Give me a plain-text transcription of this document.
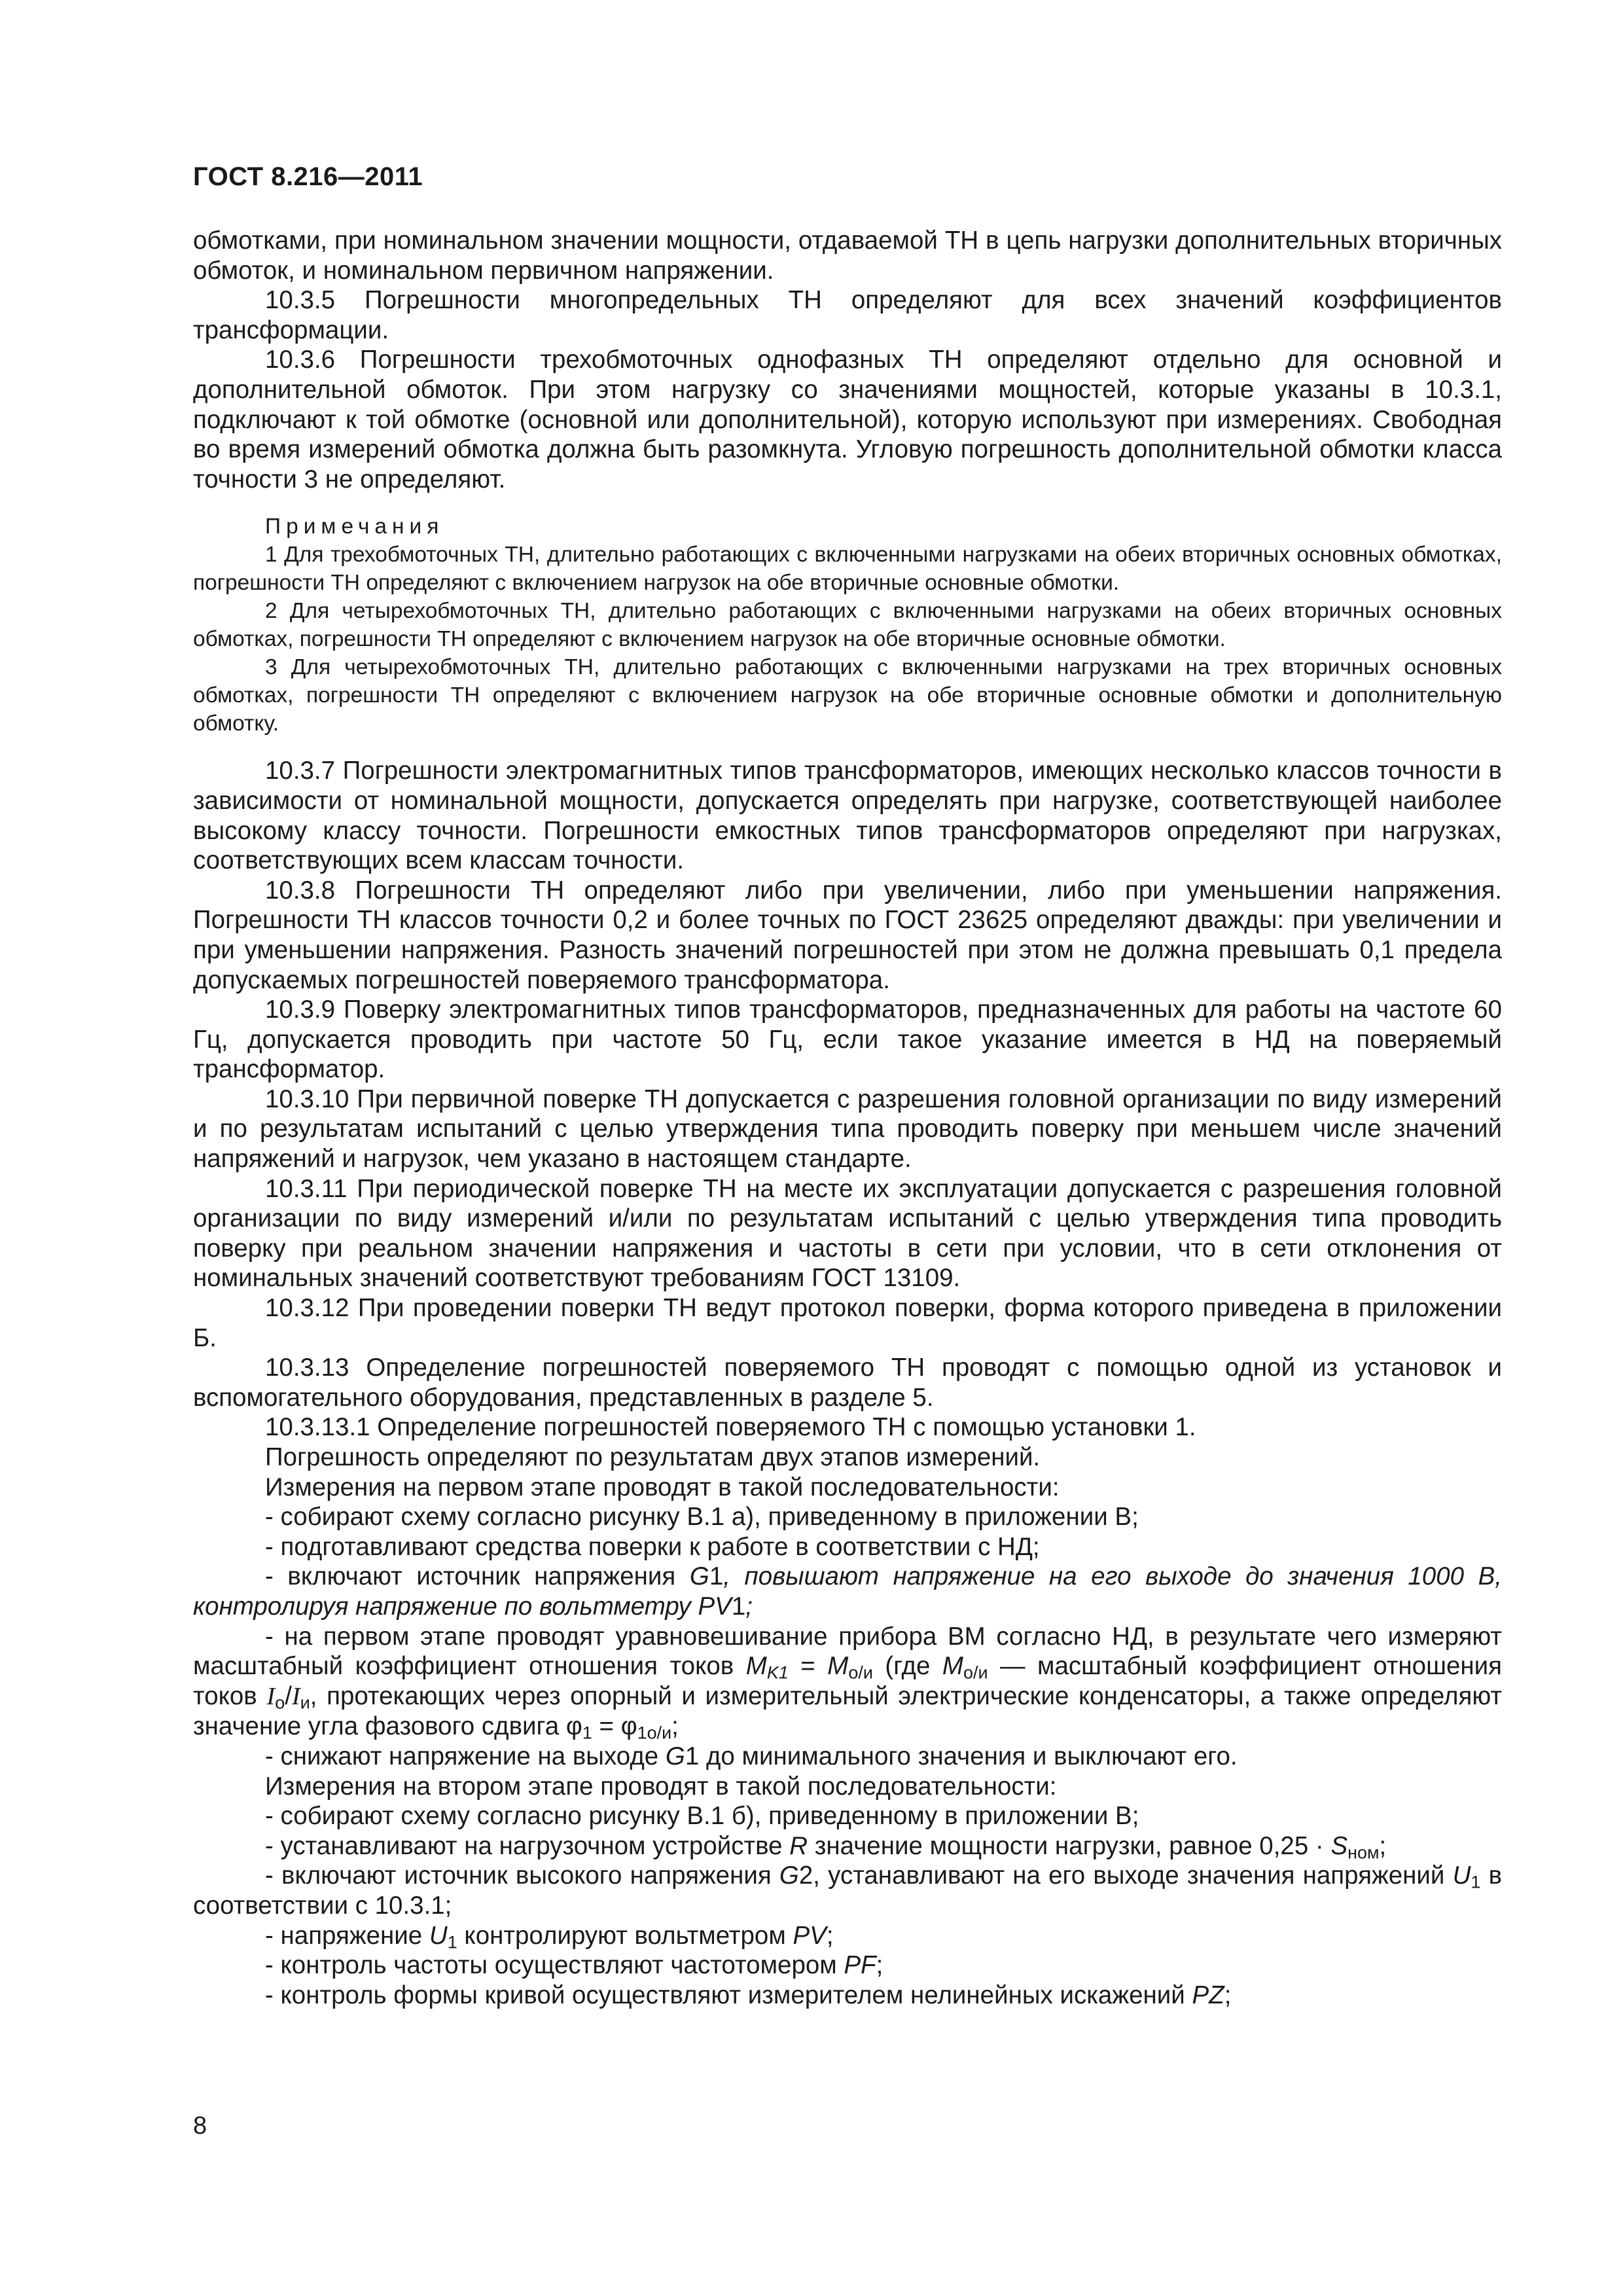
ГОСТ 8.216—2011

обмотками, при номинальном значении мощности, отдаваемой ТН в цепь нагрузки дополнительных вторичных обмоток, и номинальном первичном напряжении.

10.3.5 Погрешности многопредельных ТН определяют для всех значений коэффициентов трансформации.

10.3.6 Погрешности трехобмоточных однофазных ТН определяют отдельно для основной и дополнительной обмоток. При этом нагрузку со значениями мощностей, которые указаны в 10.3.1, подключают к той обмотке (основной или дополнительной), которую используют при измерениях. Свободная во время измерений обмотка должна быть разомкнута. Угловую погрешность дополнительной обмотки класса точности 3 не определяют.

Примечания

1 Для трехобмоточных ТН, длительно работающих с включенными нагрузками на обеих вторичных основных обмотках, погрешности ТН определяют с включением нагрузок на обе вторичные основные обмотки.

2 Для четырехобмоточных ТН, длительно работающих с включенными нагрузками на обеих вторичных основных обмотках, погрешности ТН определяют с включением нагрузок на обе вторичные основные обмотки.

3 Для четырехобмоточных ТН, длительно работающих с включенными нагрузками на трех вторичных основных обмотках, погрешности ТН определяют с включением нагрузок на обе вторичные основные обмотки и дополнительную обмотку.

10.3.7 Погрешности электромагнитных типов трансформаторов, имеющих несколько классов точности в зависимости от номинальной мощности, допускается определять при нагрузке, соответствующей наиболее высокому классу точности. Погрешности емкостных типов трансформаторов определяют при нагрузках, соответствующих всем классам точности.

10.3.8 Погрешности ТН определяют либо при увеличении, либо при уменьшении напряжения. Погрешности ТН классов точности 0,2 и более точных по ГОСТ 23625 определяют дважды: при увеличении и при уменьшении напряжения. Разность значений погрешностей при этом не должна превышать 0,1 предела допускаемых погрешностей поверяемого трансформатора.

10.3.9 Поверку электромагнитных типов трансформаторов, предназначенных для работы на частоте 60 Гц, допускается проводить при частоте 50 Гц, если такое указание имеется в НД на поверяемый трансформатор.

10.3.10 При первичной поверке ТН допускается с разрешения головной организации по виду измерений и по результатам испытаний с целью утверждения типа проводить поверку при меньшем числе значений напряжений и нагрузок, чем указано в настоящем стандарте.

10.3.11 При периодической поверке ТН на месте их эксплуатации допускается с разрешения головной организации по виду измерений и/или по результатам испытаний с целью утверждения типа проводить поверку при реальном значении напряжения и частоты в сети при условии, что в сети отклонения от номинальных значений соответствуют требованиям ГОСТ 13109.

10.3.12 При проведении поверки ТН ведут протокол поверки, форма которого приведена в приложении Б.

10.3.13 Определение погрешностей поверяемого ТН проводят с помощью одной из установок и вспомогательного оборудования, представленных в разделе 5.

10.3.13.1 Определение погрешностей поверяемого ТН с помощью установки 1.

Погрешность определяют по результатам двух этапов измерений.

Измерения на первом этапе проводят в такой последовательности:

- собирают схему согласно рисунку В.1 а), приведенному в приложении В;

- подготавливают средства поверки к работе в соответствии с НД;

- включают источник напряжения G1, повышают напряжение на его выходе до значения 1000 В, контролируя напряжение по вольтметру PV1;

- на первом этапе проводят уравновешивание прибора ВМ согласно НД, в результате чего измеряют масштабный коэффициент отношения токов $M_{K1} = M_{о/и}$ (где $M_{о/и}$ — масштабный коэффициент отношения токов $I_о/I_и$, протекающих через опорный и измерительный электрические конденсаторы, а также определяют значение угла фазового сдвига $\varphi_1 = \varphi_{1о/и}$;

- снижают напряжение на выходе G1 до минимального значения и выключают его.

Измерения на втором этапе проводят в такой последовательности:

- собирают схему согласно рисунку В.1 б), приведенному в приложении В;

- устанавливают на нагрузочном устройстве R значение мощности нагрузки, равное $0,25 \cdot S_{ном}$;

- включают источник высокого напряжения G2, устанавливают на его выходе значения напряжений $U_1$ в соответствии с 10.3.1;

- напряжение $U_1$ контролируют вольтметром PV;

- контроль частоты осуществляют частотомером PF;

- контроль формы кривой осуществляют измерителем нелинейных искажений PZ;

8
